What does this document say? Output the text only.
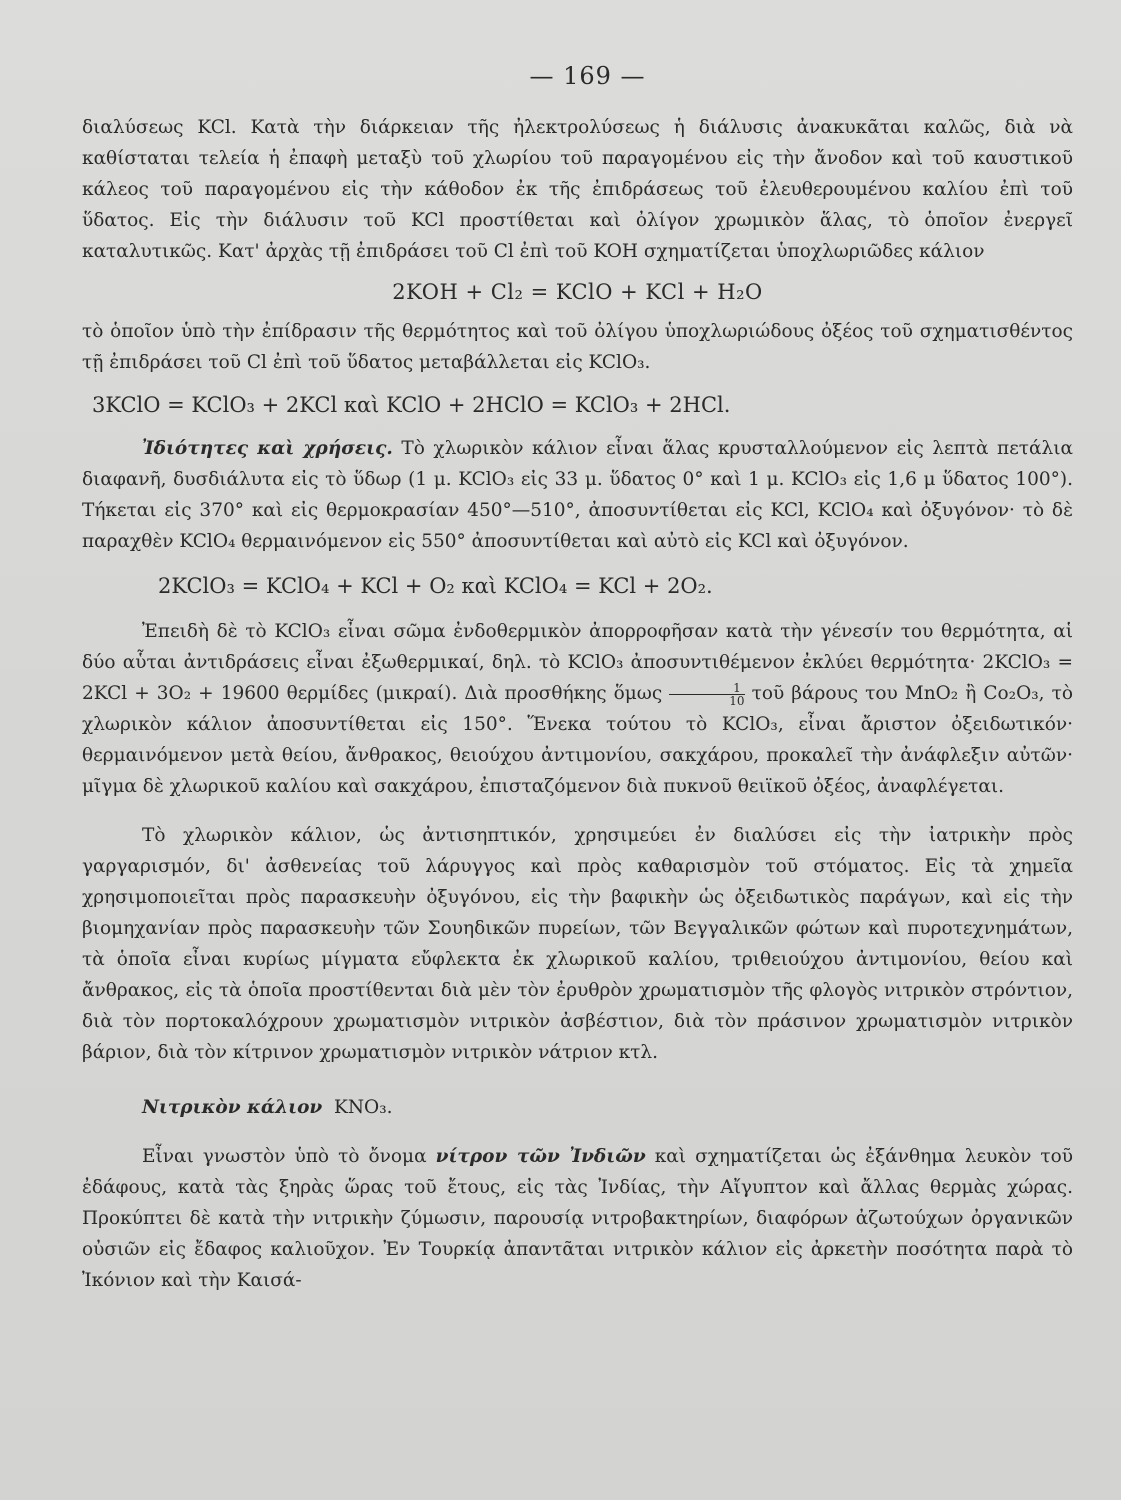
— 169 —

διαλύσεως KCl. Κατὰ τὴν διάρκειαν τῆς ἠλεκτρολύσεως ἡ διάλυσις ἀνακυκᾶται καλῶς, διὰ νὰ καθίσταται τελεία ἡ ἐπαφὴ μεταξὺ τοῦ χλωρίου τοῦ παραγομένου εἰς τὴν ἄνοδον καὶ τοῦ καυστικοῦ κάλεος τοῦ παραγομένου εἰς τὴν κάθοδον ἐκ τῆς ἐπιδράσεως τοῦ ἐλευθερουμένου καλίου ἐπὶ τοῦ ὕδατος. Εἰς τὴν διάλυσιν τοῦ KCl προστίθεται καὶ ὀλίγον χρωμικὸν ἅλας, τὸ ὁποῖον ἐνεργεῖ καταλυτικῶς. Κατ' ἀρχὰς τῇ ἐπιδράσει τοῦ Cl ἐπὶ τοῦ KOH σχηματίζεται ὑποχλωριῶδες κάλιον

2KOH + Cl₂ = KClO + KCl + H₂O

τὸ ὁποῖον ὑπὸ τὴν ἐπίδρασιν τῆς θερμότητος καὶ τοῦ ὀλίγου ὑποχλωριώδους ὀξέος τοῦ σχηματισθέντος τῇ ἐπιδράσει τοῦ Cl ἐπὶ τοῦ ὕδατος μεταβάλλεται εἰς KClO₃.

3KClO = KClO₃ + 2KCl καὶ KClO + 2HClO = KClO₃ + 2HCl.

Ἰδιότητες καὶ χρήσεις. Τὸ χλωρικὸν κάλιον εἶναι ἅλας κρυσταλλούμενον εἰς λεπτὰ πετάλια διαφανῆ, δυσδιάλυτα εἰς τὸ ὕδωρ (1 μ. KClO₃ εἰς 33 μ. ὕδατος 0° καὶ 1 μ. KClO₃ εἰς 1,6 μ ὕδατος 100°). Τήκεται εἰς 370° καὶ εἰς θερμοκρασίαν 450°—510°, ἀποσυντίθεται εἰς KCl, KClO₄ καὶ ὀξυγόνον· τὸ δὲ παραχθὲν KClO₄ θερμαινόμενον εἰς 550° ἀποσυντίθεται καὶ αὐτὸ εἰς KCl καὶ ὀξυγόνον.

2KClO₃ = KClO₄ + KCl + O₂ καὶ KClO₄ = KCl + 2O₂.

Ἐπειδὴ δὲ τὸ KClO₃ εἶναι σῶμα ἐνδοθερμικὸν ἀπορροφῆσαν κατὰ τὴν γένεσίν του θερμότητα, αἱ δύο αὗται ἀντιδράσεις εἶναι ἐξωθερμικαί, δηλ. τὸ KClO₃ ἀποσυντιθέμενον ἐκλύει θερμότητα· 2KClO₃ = 2KCl + 3O₂ + 19600 θερμίδες (μικραί). Διὰ προσθήκης ὅμως $\frac{1}{10}$ τοῦ βάρους του MnO₂ ἢ Co₂O₃, τὸ χλωρικὸν κάλιον ἀποσυντίθεται εἰς 150°. Ἕνεκα τούτου τὸ KClO₃, εἶναι ἄριστον ὀξειδωτικόν· θερμαινόμενον μετὰ θείου, ἄνθρακος, θειούχου ἀντιμονίου, σακχάρου, προκαλεῖ τὴν ἀνάφλεξιν αὐτῶν· μῖγμα δὲ χλωρικοῦ καλίου καὶ σακχάρου, ἐπισταζόμενον διὰ πυκνοῦ θειϊκοῦ ὀξέος, ἀναφλέγεται.

Τὸ χλωρικὸν κάλιον, ὡς ἀντισηπτικόν, χρησιμεύει ἐν διαλύσει εἰς τὴν ἰατρικὴν πρὸς γαργαρισμόν, δι' ἀσθενείας τοῦ λάρυγγος καὶ πρὸς καθαρισμὸν τοῦ στόματος. Εἰς τὰ χημεῖα χρησιμοποιεῖται πρὸς παρασκευὴν ὀξυγόνου, εἰς τὴν βαφικὴν ὡς ὀξειδωτικὸς παράγων, καὶ εἰς τὴν βιομηχανίαν πρὸς παρασκευὴν τῶν Σουηδικῶν πυρείων, τῶν Βεγγαλικῶν φώτων καὶ πυροτεχνημάτων, τὰ ὁποῖα εἶναι κυρίως μίγματα εὔφλεκτα ἐκ χλωρικοῦ καλίου, τριθειούχου ἀντιμονίου, θείου καὶ ἄνθρακος, εἰς τὰ ὁποῖα προστίθενται διὰ μὲν τὸν ἐρυθρὸν χρωματισμὸν τῆς φλογὸς νιτρικὸν στρόντιον, διὰ τὸν πορτοκαλόχρουν χρωματισμὸν νιτρικὸν ἀσβέστιον, διὰ τὸν πράσινον χρωματισμὸν νιτρικὸν βάριον, διὰ τὸν κίτρινον χρωματισμὸν νιτρικὸν νάτριον κτλ.

Νιτρικὸν κάλιον KNO₃.

Εἶναι γνωστὸν ὑπὸ τὸ ὄνομα νίτρον τῶν Ἰνδιῶν καὶ σχηματίζεται ὡς ἐξάνθημα λευκὸν τοῦ ἐδάφους, κατὰ τὰς ξηρὰς ὥρας τοῦ ἔτους, εἰς τὰς Ἰνδίας, τὴν Αἴγυπτον καὶ ἄλλας θερμὰς χώρας. Προκύπτει δὲ κατὰ τὴν νιτρικὴν ζύμωσιν, παρουσίᾳ νιτροβακτηρίων, διαφόρων ἀζωτούχων ὀργανικῶν οὐσιῶν εἰς ἔδαφος καλιοῦχον. Ἐν Τουρκίᾳ ἀπαντᾶται νιτρικὸν κάλιον εἰς ἀρκετὴν ποσότητα παρὰ τὸ Ἰκόνιον καὶ τὴν Καισά-
